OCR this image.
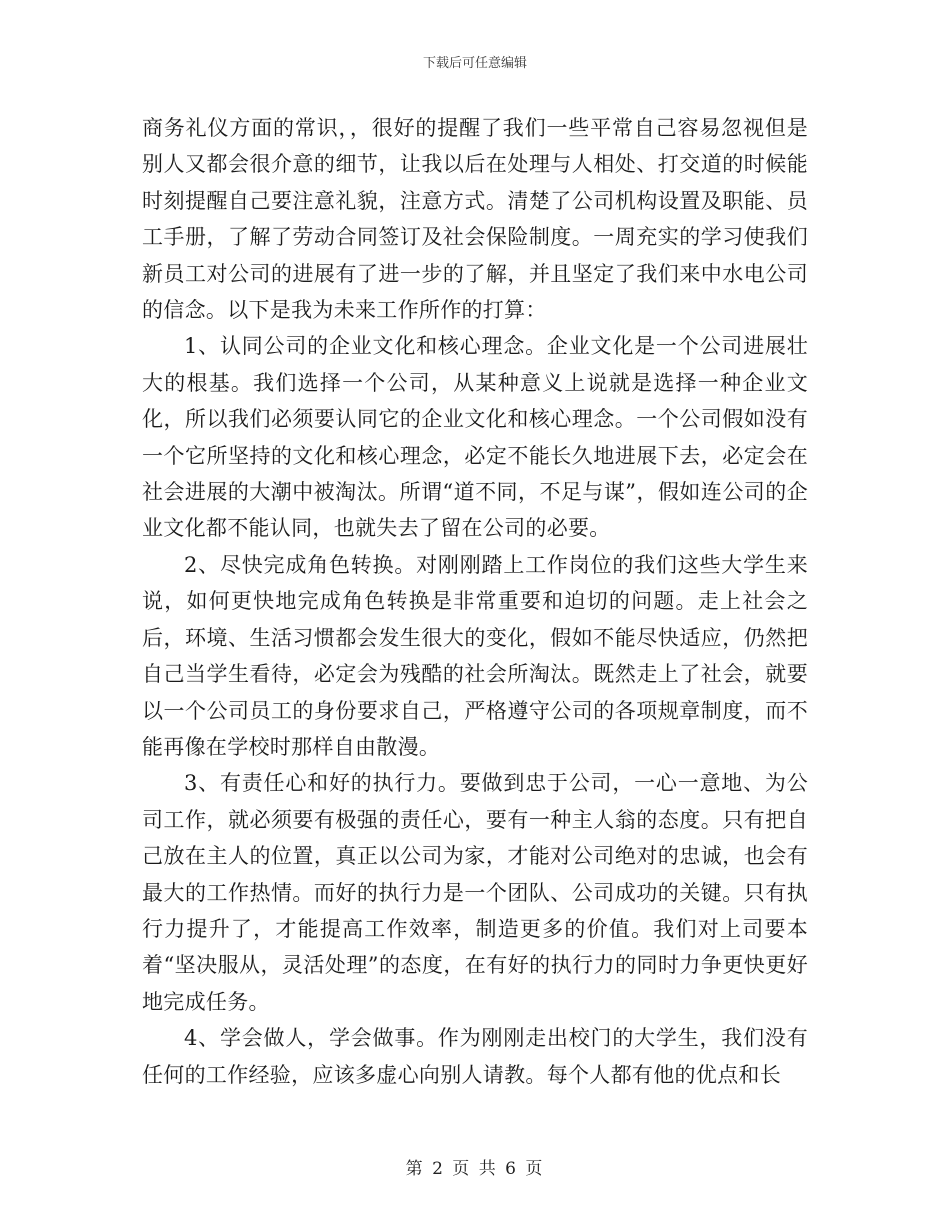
下载后可任意编辑

商务礼仪方面的常识，，很好的提醒了我们一些平常自己容易忽视但是别人又都会很介意的细节，让我以后在处理与人相处、打交道的时候能时刻提醒自己要注意礼貌，注意方式。清楚了公司机构设置及职能、员工手册，了解了劳动合同签订及社会保险制度。一周充实的学习使我们新员工对公司的进展有了进一步的了解，并且坚定了我们来中水电公司的信念。以下是我为未来工作所作的打算：

1、认同公司的企业文化和核心理念。企业文化是一个公司进展壮大的根基。我们选择一个公司，从某种意义上说就是选择一种企业文化，所以我们必须要认同它的企业文化和核心理念。一个公司假如没有一个它所坚持的文化和核心理念，必定不能长久地进展下去，必定会在社会进展的大潮中被淘汰。所谓“道不同，不足与谋”，假如连公司的企业文化都不能认同，也就失去了留在公司的必要。

2、尽快完成角色转换。对刚刚踏上工作岗位的我们这些大学生来说，如何更快地完成角色转换是非常重要和迫切的问题。走上社会之后，环境、生活习惯都会发生很大的变化，假如不能尽快适应，仍然把自己当学生看待，必定会为残酷的社会所淘汰。既然走上了社会，就要以一个公司员工的身份要求自己，严格遵守公司的各项规章制度，而不能再像在学校时那样自由散漫。

3、有责任心和好的执行力。要做到忠于公司，一心一意地、为公司工作，就必须要有极强的责任心，要有一种主人翁的态度。只有把自己放在主人的位置，真正以公司为家，才能对公司绝对的忠诚，也会有最大的工作热情。而好的执行力是一个团队、公司成功的关键。只有执行力提升了，才能提高工作效率，制造更多的价值。我们对上司要本着“坚决服从，灵活处理”的态度，在有好的执行力的同时力争更快更好地完成任务。

4、学会做人，学会做事。作为刚刚走出校门的大学生，我们没有任何的工作经验，应该多虚心向别人请教。每个人都有他的优点和长

第 2 页 共 6 页
